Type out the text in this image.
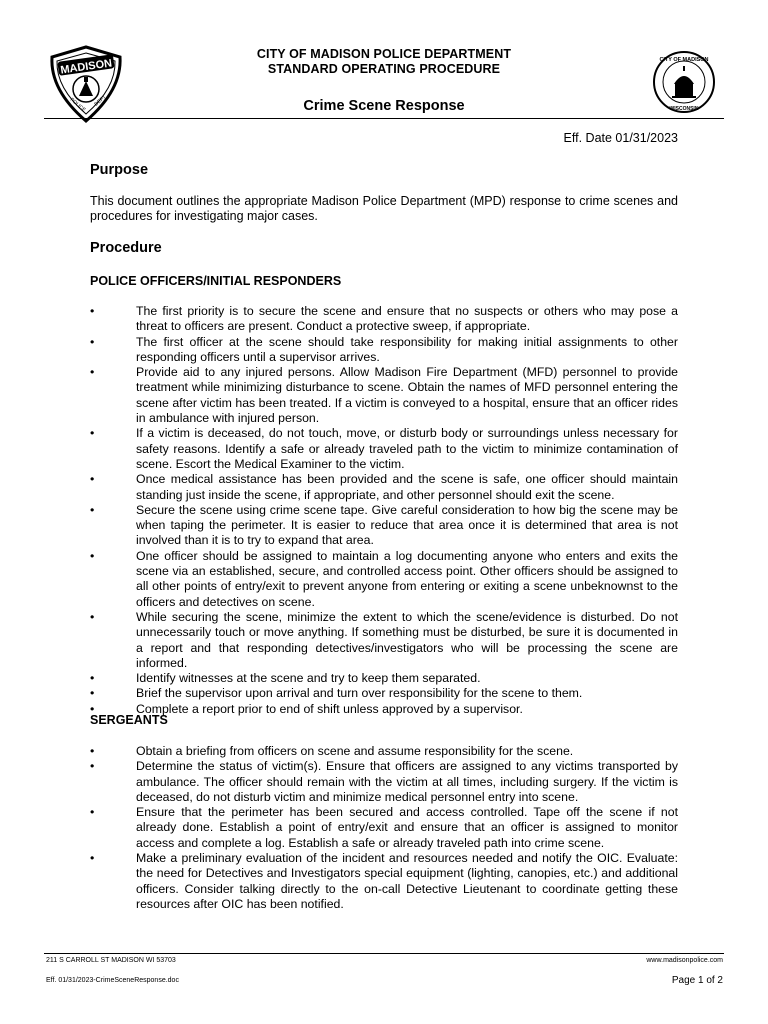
MADISON
POLICE DEPT
CITY OF MADISON
WISCONSIN
CITY OF MADISON POLICE DEPARTMENT
STANDARD OPERATING PROCEDURE
Crime Scene Response
Eff. Date 01/31/2023
Purpose
This document outlines the appropriate Madison Police Department (MPD) response to crime scenes and procedures for investigating major cases.
Procedure
POLICE OFFICERS/INITIAL RESPONDERS
•	The first priority is to secure the scene and ensure that no suspects or others who may pose a threat to officers are present. Conduct a protective sweep, if appropriate.
•	The first officer at the scene should take responsibility for making initial assignments to other responding officers until a supervisor arrives.
•	Provide aid to any injured persons. Allow Madison Fire Department (MFD) personnel to provide treatment while minimizing disturbance to scene. Obtain the names of MFD personnel entering the scene after victim has been treated. If a victim is conveyed to a hospital, ensure that an officer rides in ambulance with injured person.
•	If a victim is deceased, do not touch, move, or disturb body or surroundings unless necessary for safety reasons. Identify a safe or already traveled path to the victim to minimize contamination of scene. Escort the Medical Examiner to the victim.
•	Once medical assistance has been provided and the scene is safe, one officer should maintain standing just inside the scene, if appropriate, and other personnel should exit the scene.
•	Secure the scene using crime scene tape. Give careful consideration to how big the scene may be when taping the perimeter. It is easier to reduce that area once it is determined that area is not involved than it is to try to expand that area.
•	One officer should be assigned to maintain a log documenting anyone who enters and exits the scene via an established, secure, and controlled access point. Other officers should be assigned to all other points of entry/exit to prevent anyone from entering or exiting a scene unbeknownst to the officers and detectives on scene.
•	While securing the scene, minimize the extent to which the scene/evidence is disturbed. Do not unnecessarily touch or move anything. If something must be disturbed, be sure it is documented in a report and that responding detectives/investigators who will be processing the scene are informed.
•	Identify witnesses at the scene and try to keep them separated.
•	Brief the supervisor upon arrival and turn over responsibility for the scene to them.
•	Complete a report prior to end of shift unless approved by a supervisor.
SERGEANTS
•	Obtain a briefing from officers on scene and assume responsibility for the scene.
•	Determine the status of victim(s). Ensure that officers are assigned to any victims transported by ambulance. The officer should remain with the victim at all times, including surgery. If the victim is deceased, do not disturb victim and minimize medical personnel entry into scene.
•	Ensure that the perimeter has been secured and access controlled. Tape off the scene if not already done. Establish a point of entry/exit and ensure that an officer is assigned to monitor access and complete a log. Establish a safe or already traveled path into crime scene.
•	Make a preliminary evaluation of the incident and resources needed and notify the OIC. Evaluate: the need for Detectives and Investigators special equipment (lighting, canopies, etc.) and additional officers. Consider talking directly to the on-call Detective Lieutenant to coordinate getting these resources after OIC has been notified.
211 S CARROLL ST MADISON WI 53703	www.madisonpolice.com
Eff. 01/31/2023-CrimeSceneResponse.doc	Page 1 of 2
